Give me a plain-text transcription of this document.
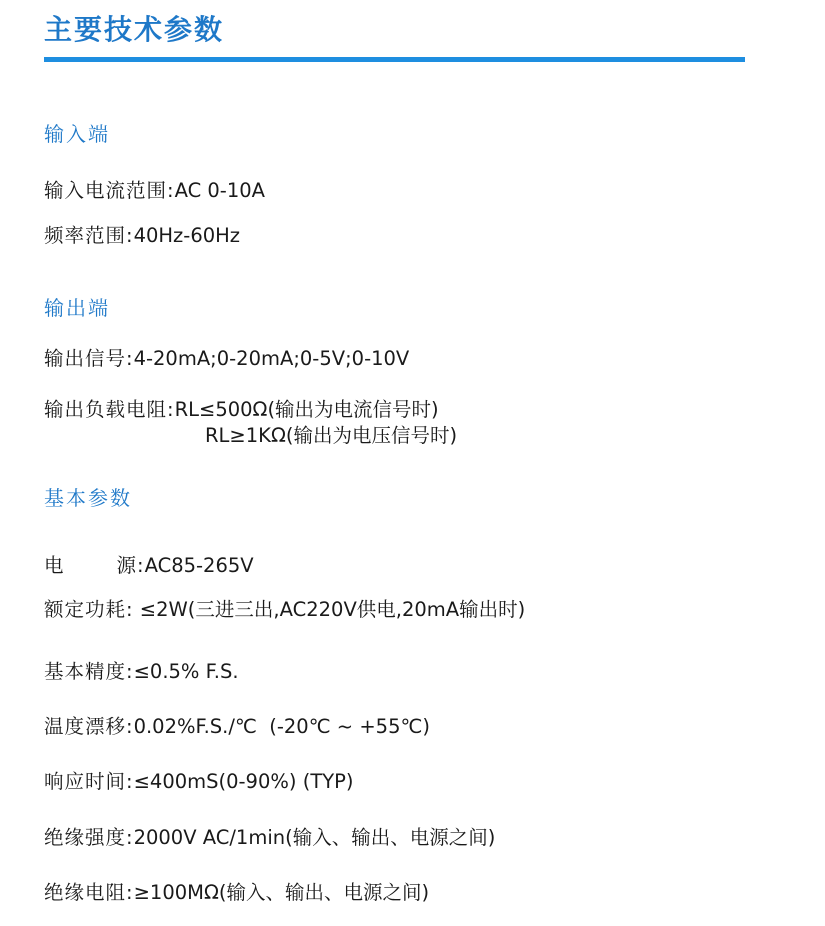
主要技术参数
输入端
输入电流范围:AC 0-10A
频率范围:40Hz-60Hz
输出端
输出信号:4-20mA;0-20mA;0-5V;0-10V
输出负载电阻:RL≤500Ω(输出为电流信号时)
RL≥1KΩ(输出为电压信号时)
基本参数
电	源:AC85-265V
额定功耗: ≤2W(三进三出,AC220V供电,20mA输出时)
基本精度:≤0.5% F.S.
温度漂移:0.02%F.S./℃  (-20℃ ~ +55℃)
响应时间:≤400mS(0-90%) (TYP)
绝缘强度:2000V AC/1min(输入、输出、电源之间)
绝缘电阻:≥100MΩ(输入、输出、电源之间)
